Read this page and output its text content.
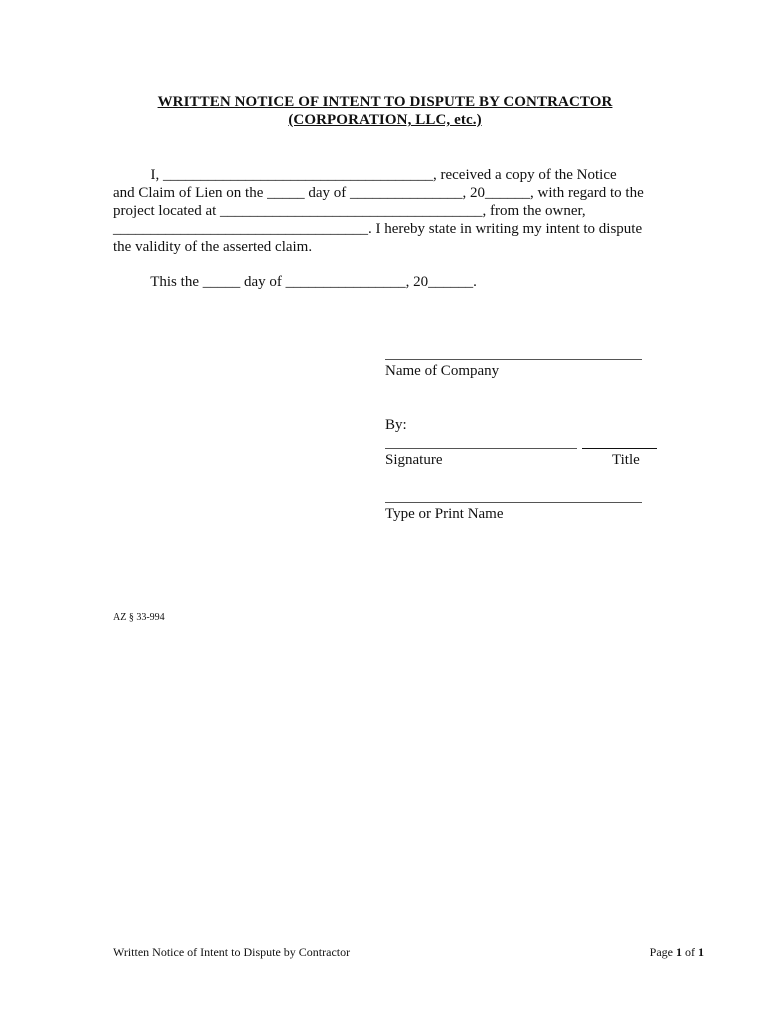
WRITTEN NOTICE OF INTENT TO DISPUTE BY CONTRACTOR
(CORPORATION, LLC, etc.)
I, ____________________________________, received a copy of the Notice
and Claim of Lien on the _____ day of _______________, 20______, with regard to the
project located at ___________________________________, from the owner,
__________________________________. I hereby state in writing my intent to dispute
the validity of the asserted claim.
This the _____ day of ________________, 20______.
Name of Company
By:
Signature	Title
Type or Print Name
AZ § 33-994
Written Notice of Intent to Dispute by Contractor	Page 1 of 1
